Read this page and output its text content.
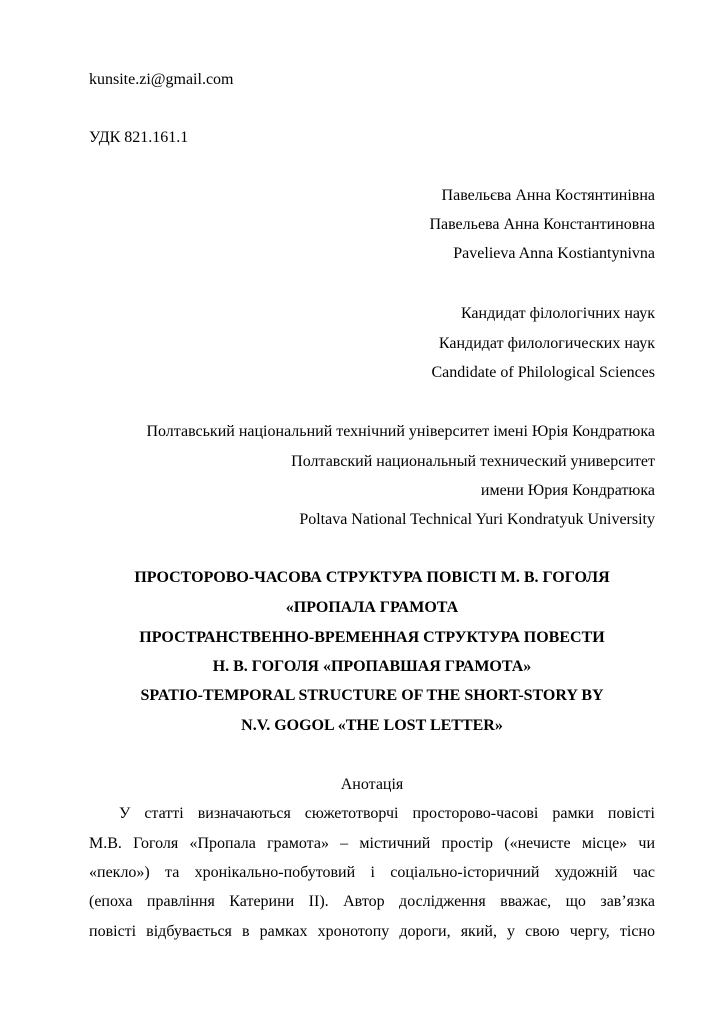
kunsite.zi@gmail.com
УДК 821.161.1
Павельєва Анна Костянтинівна
Павельева Анна Константиновна
Pavelieva Anna Kostiantynivna
Кандидат філологічних наук
Кандидат филологических наук
Candidate of Philological Sciences
Полтавський національний технічний університет імені Юрія Кондратюка
Полтавский национальный технический университет
имени Юрия Кондратюка
Poltava National Technical Yuri Kondratyuk University
ПРОСТОРОВО-ЧАСОВА СТРУКТУРА ПОВІСТІ М. В. ГОГОЛЯ
«ПРОПАЛА ГРАМОТА
ПРОСТРАНСТВЕННО-ВРЕМЕННАЯ СТРУКТУРА ПОВЕСТИ
Н. В. ГОГОЛЯ «ПРОПАВШАЯ ГРАМОТА»
SPATIO-TEMPORAL STRUCTURE OF THE SHORT-STORY BY
N.V. GOGOL «THE LOST LETTER»
Анотація
У статті визначаються сюжетотворчі просторово-часові рамки повісті
М.В. Гоголя «Пропала грамота» – містичний простір («нечисте місце» чи
«пекло») та хронікально-побутовий і соціально-історичний художній час
(епоха правління Катерини ІІ). Автор дослідження вважає, що зав’язка
повісті відбувається в рамках хронотопу дороги, який, у свою чергу, тісно
